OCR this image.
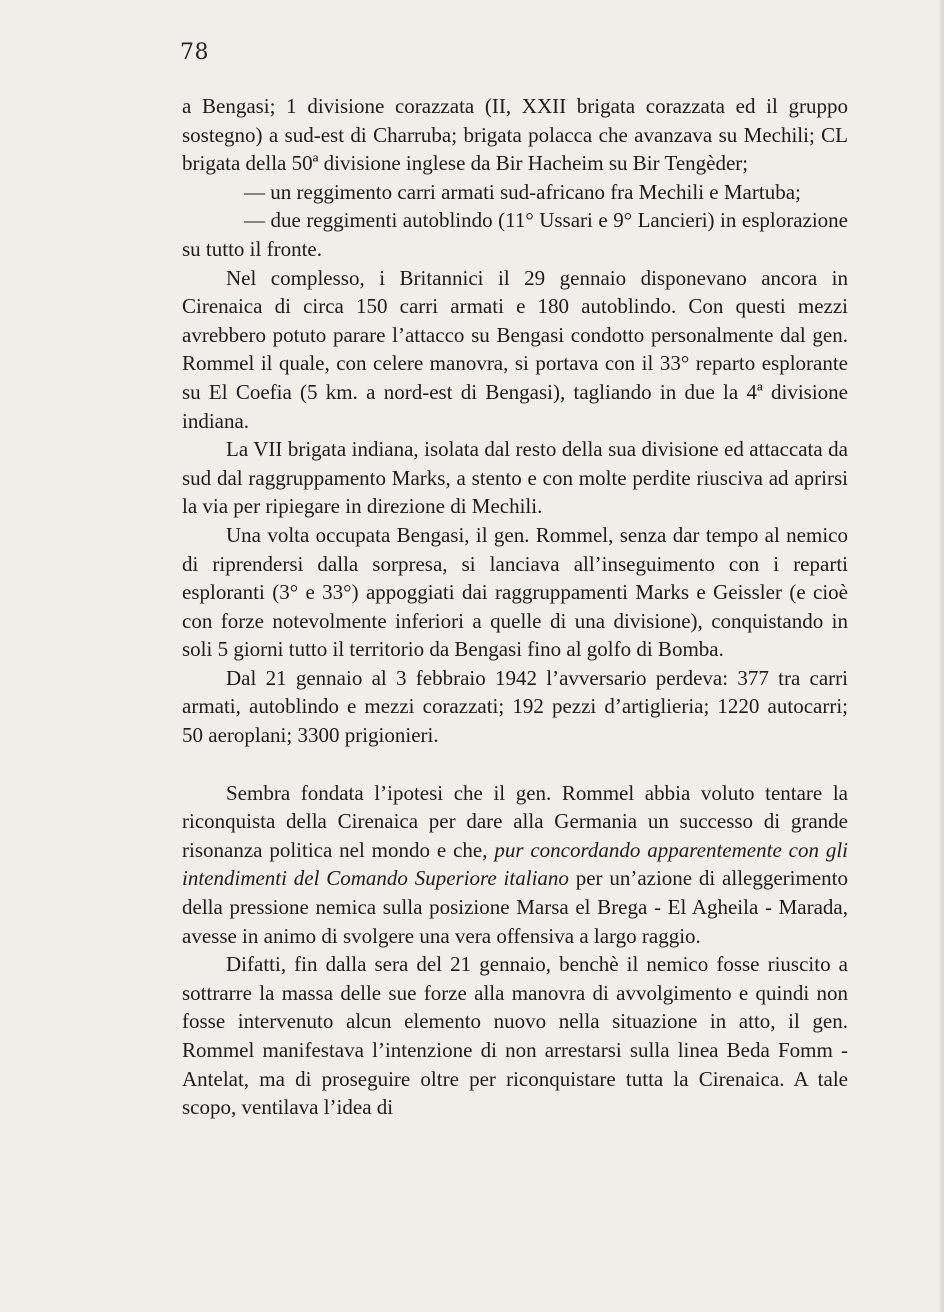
78

a Bengasi; 1 divisione corazzata (II, XXII brigata corazzata ed il gruppo sostegno) a sud-est di Charruba; brigata polacca che avanzava su Mechili; CL brigata della 50ª divisione inglese da Bir Hacheim su Bir Tengèder;

— un reggimento carri armati sud-africano fra Mechili e Martuba;

— due reggimenti autoblindo (11° Ussari e 9° Lancieri) in esplorazione su tutto il fronte.

Nel complesso, i Britannici il 29 gennaio disponevano ancora in Cirenaica di circa 150 carri armati e 180 autoblindo. Con questi mezzi avrebbero potuto parare l’attacco su Bengasi condotto personalmente dal gen. Rommel il quale, con celere manovra, si portava con il 33° reparto esplorante su El Coefia (5 km. a nord-est di Bengasi), tagliando in due la 4ª divisione indiana.

La VII brigata indiana, isolata dal resto della sua divisione ed attaccata da sud dal raggruppamento Marks, a stento e con molte perdite riusciva ad aprirsi la via per ripiegare in direzione di Mechili.

Una volta occupata Bengasi, il gen. Rommel, senza dar tempo al nemico di riprendersi dalla sorpresa, si lanciava all’inseguimento con i reparti esploranti (3° e 33°) appoggiati dai raggruppamenti Marks e Geissler (e cioè con forze notevolmente inferiori a quelle di una divisione), conquistando in soli 5 giorni tutto il territorio da Bengasi fino al golfo di Bomba.

Dal 21 gennaio al 3 febbraio 1942 l’avversario perdeva: 377 tra carri armati, autoblindo e mezzi corazzati; 192 pezzi d’artiglieria; 1220 autocarri; 50 aeroplani; 3300 prigionieri.

Sembra fondata l’ipotesi che il gen. Rommel abbia voluto tentare la riconquista della Cirenaica per dare alla Germania un successo di grande risonanza politica nel mondo e che, pur concordando apparentemente con gli intendimenti del Comando Superiore italiano per un’azione di alleggerimento della pressione nemica sulla posizione Marsa el Brega - El Agheila - Marada, avesse in animo di svolgere una vera offensiva a largo raggio.

Difatti, fin dalla sera del 21 gennaio, benchè il nemico fosse riuscito a sottrarre la massa delle sue forze alla manovra di avvolgimento e quindi non fosse intervenuto alcun elemento nuovo nella situazione in atto, il gen. Rommel manifestava l’intenzione di non arrestarsi sulla linea Beda Fomm - Antelat, ma di proseguire oltre per riconquistare tutta la Cirenaica. A tale scopo, ventilava l’idea di
